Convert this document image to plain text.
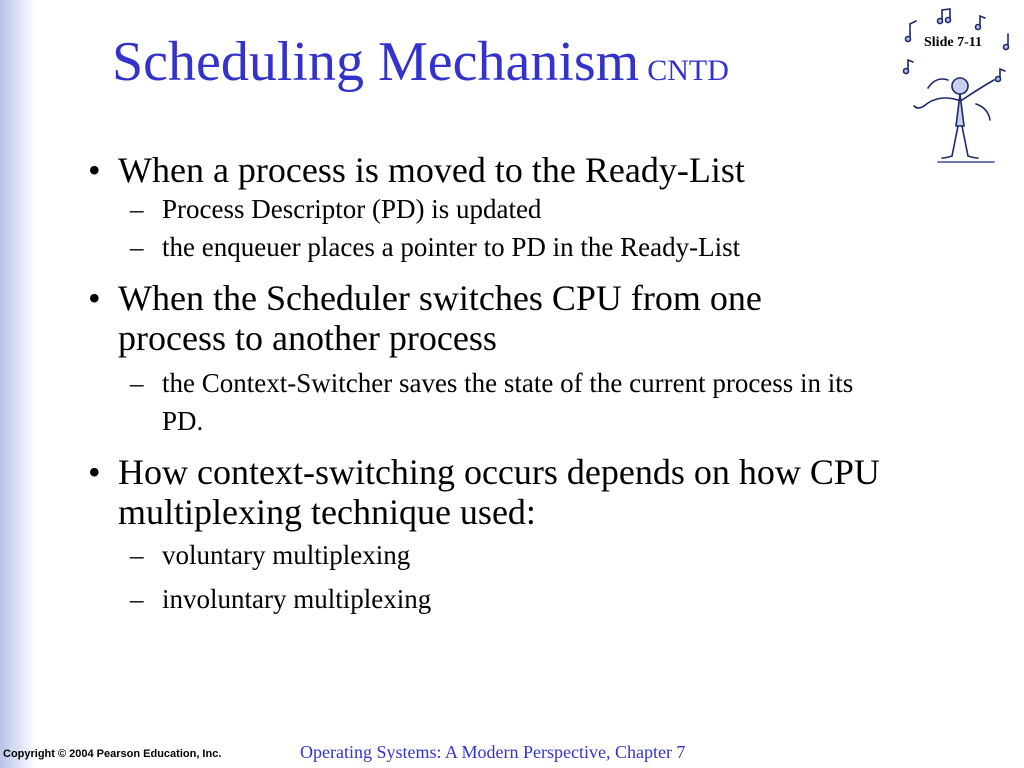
Scheduling Mechanism CNTD
Slide 7-11
• When a process is moved to the Ready-List
– Process Descriptor (PD) is updated
– the enqueuer places a pointer to PD in the Ready-List
• When the Scheduler switches CPU from one process to another process
– the Context-Switcher saves the state of the current process in its PD.
• How context-switching occurs depends on how CPU multiplexing technique used:
– voluntary multiplexing
– involuntary multiplexing
Copyright © 2004 Pearson Education, Inc.	Operating Systems: A Modern Perspective, Chapter 7
